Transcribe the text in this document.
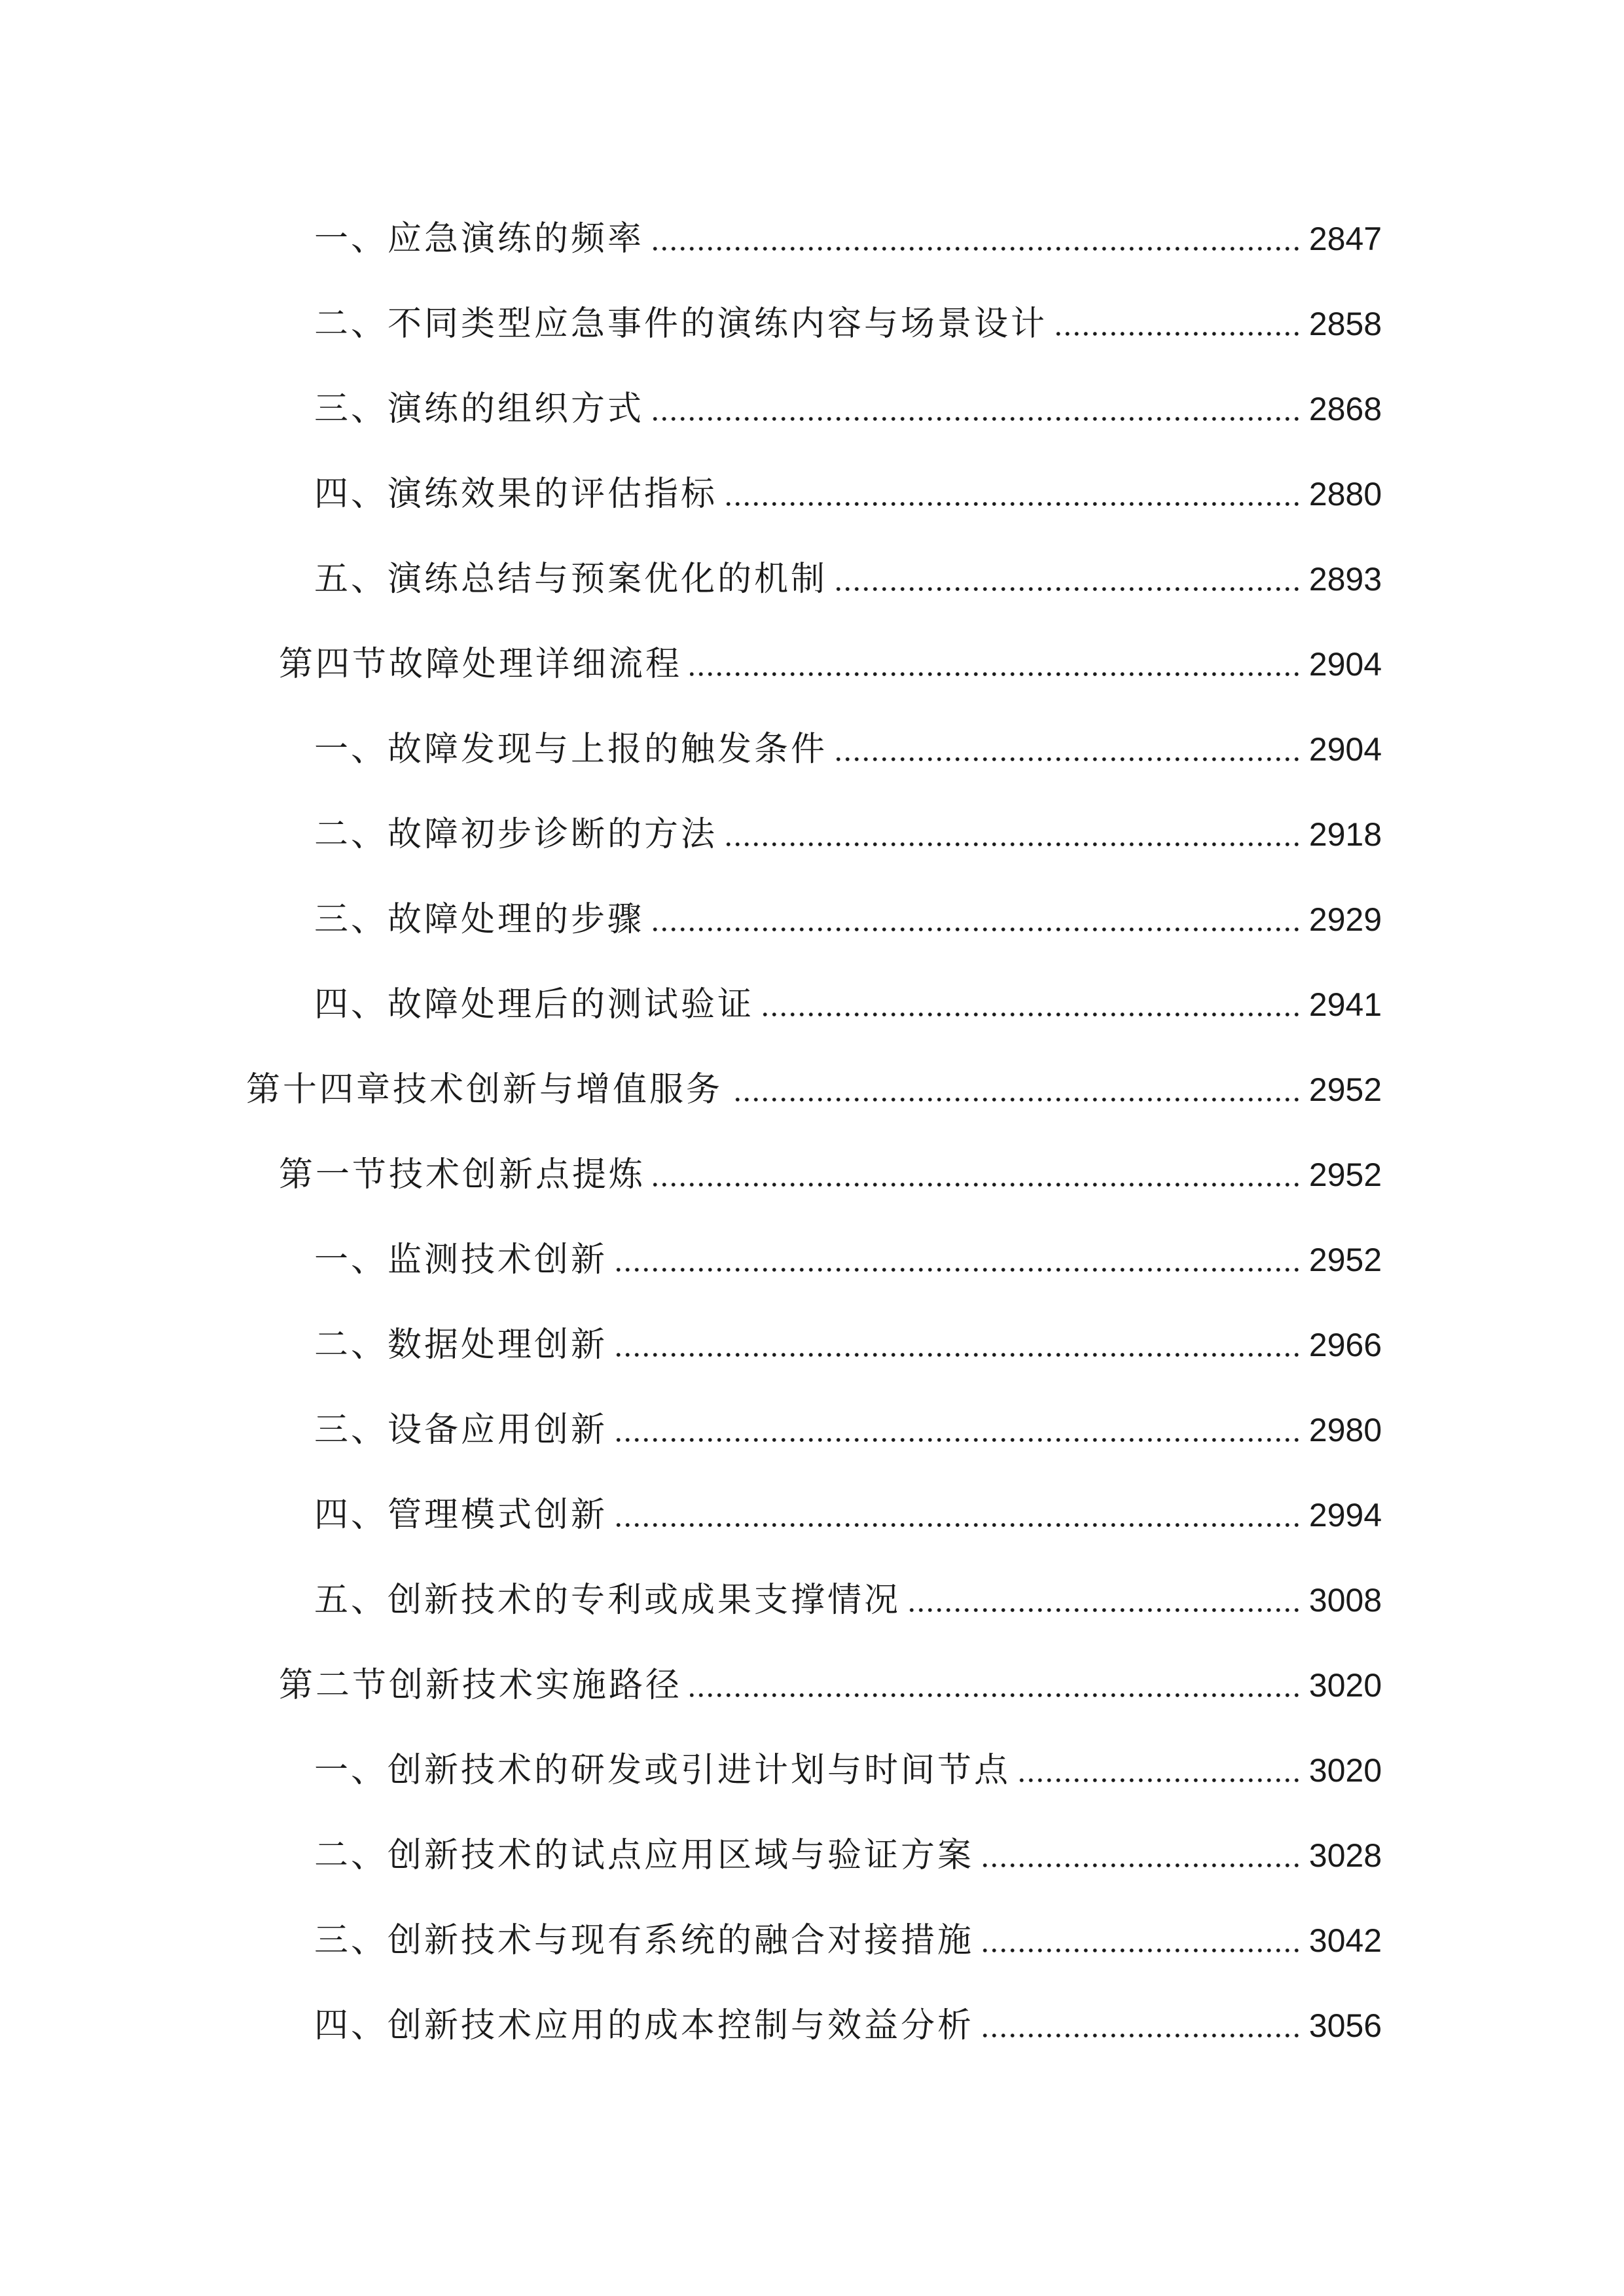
一、应急演练的频率	2847
二、不同类型应急事件的演练内容与场景设计	2858
三、演练的组织方式	2868
四、演练效果的评估指标	2880
五、演练总结与预案优化的机制	2893
第四节故障处理详细流程	2904
一、故障发现与上报的触发条件	2904
二、故障初步诊断的方法	2918
三、故障处理的步骤	2929
四、故障处理后的测试验证	2941
第十四章技术创新与增值服务	2952
第一节技术创新点提炼	2952
一、监测技术创新	2952
二、数据处理创新	2966
三、设备应用创新	2980
四、管理模式创新	2994
五、创新技术的专利或成果支撑情况	3008
第二节创新技术实施路径	3020
一、创新技术的研发或引进计划与时间节点	3020
二、创新技术的试点应用区域与验证方案	3028
三、创新技术与现有系统的融合对接措施	3042
四、创新技术应用的成本控制与效益分析	3056
